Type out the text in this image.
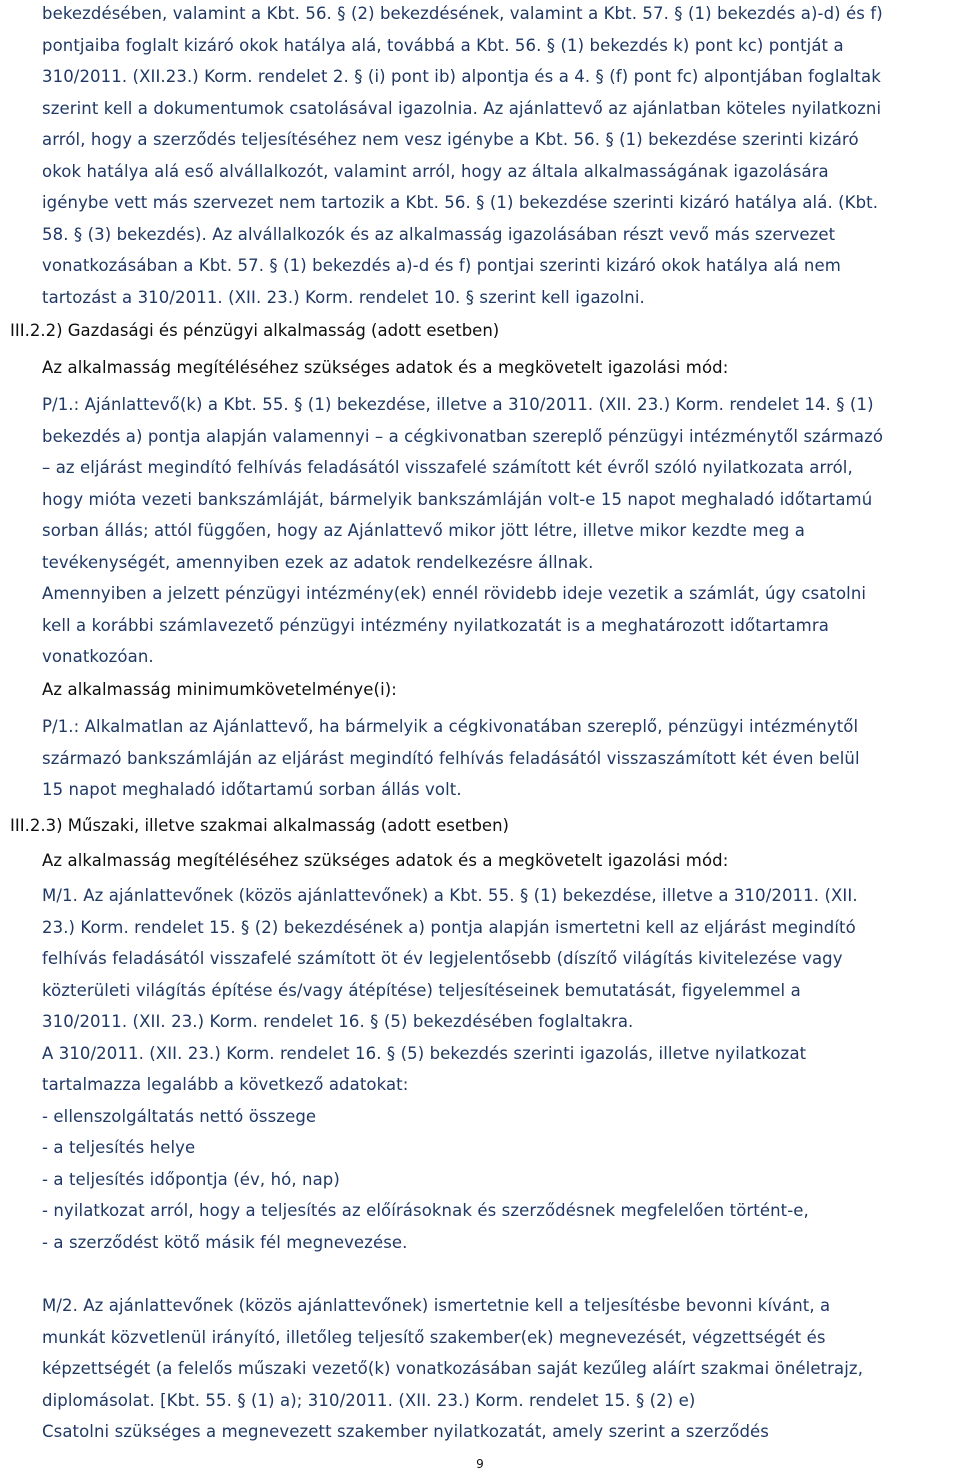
bekezdésében, valamint a Kbt. 56. § (2) bekezdésének, valamint a Kbt. 57. § (1) bekezdés a)-d) és f)
pontjaiba foglalt kizáró okok hatálya alá, továbbá a Kbt. 56. § (1) bekezdés k) pont kc) pontját a
310/2011. (XII.23.) Korm. rendelet 2. § (i) pont ib) alpontja és a 4. § (f) pont fc) alpontjában foglaltak
szerint kell a dokumentumok csatolásával igazolnia. Az ajánlattevő az ajánlatban köteles nyilatkozni
arról, hogy a szerződés teljesítéséhez nem vesz igénybe a Kbt. 56. § (1) bekezdése szerinti kizáró
okok hatálya alá eső alvállalkozót, valamint arról, hogy az általa alkalmasságának igazolására
igénybe vett más szervezet nem tartozik a Kbt. 56. § (1) bekezdése szerinti kizáró hatálya alá. (Kbt.
58. § (3) bekezdés). Az alvállalkozók és az alkalmasság igazolásában részt vevő más szervezet
vonatkozásában a Kbt. 57. § (1) bekezdés a)-d és f) pontjai szerinti kizáró okok hatálya alá nem
tartozást a 310/2011. (XII. 23.) Korm. rendelet 10. § szerint kell igazolni.
III.2.2) Gazdasági és pénzügyi alkalmasság (adott esetben)
Az alkalmasság megítéléséhez szükséges adatok és a megkövetelt igazolási mód:
P/1.: Ajánlattevő(k) a Kbt. 55. § (1) bekezdése, illetve a 310/2011. (XII. 23.) Korm. rendelet 14. § (1)
bekezdés a) pontja alapján valamennyi – a cégkivonatban szereplő pénzügyi intézménytől származó
– az eljárást megindító felhívás feladásától visszafelé számított két évről szóló nyilatkozata arról,
hogy mióta vezeti bankszámláját, bármelyik bankszámláján volt-e 15 napot meghaladó időtartamú
sorban állás; attól függően, hogy az Ajánlattevő mikor jött létre, illetve mikor kezdte meg a
tevékenységét, amennyiben ezek az adatok rendelkezésre állnak.
Amennyiben a jelzett pénzügyi intézmény(ek) ennél rövidebb ideje vezetik a számlát, úgy csatolni
kell a korábbi számlavezető pénzügyi intézmény nyilatkozatát is a meghatározott időtartamra
vonatkozóan.
Az alkalmasság minimumkövetelménye(i):
P/1.: Alkalmatlan az Ajánlattevő, ha bármelyik a cégkivonatában szereplő, pénzügyi intézménytől
származó bankszámláján az eljárást megindító felhívás feladásától visszaszámított két éven belül
15 napot meghaladó időtartamú sorban állás volt.
III.2.3) Műszaki, illetve szakmai alkalmasság (adott esetben)
Az alkalmasság megítéléséhez szükséges adatok és a megkövetelt igazolási mód:
M/1. Az ajánlattevőnek (közös ajánlattevőnek) a Kbt. 55. § (1) bekezdése, illetve a 310/2011. (XII.
23.) Korm. rendelet 15. § (2) bekezdésének a) pontja alapján ismertetni kell az eljárást megindító
felhívás feladásától visszafelé számított öt év legjelentősebb (díszítő világítás kivitelezése vagy
közterületi világítás építése és/vagy átépítése) teljesítéseinek bemutatását, figyelemmel a
310/2011. (XII. 23.) Korm. rendelet 16. § (5) bekezdésében foglaltakra.
A 310/2011. (XII. 23.) Korm. rendelet 16. § (5) bekezdés szerinti igazolás, illetve nyilatkozat
tartalmazza legalább a következő adatokat:
- ellenszolgáltatás nettó összege
- a teljesítés helye
- a teljesítés időpontja (év, hó, nap)
- nyilatkozat arról, hogy a teljesítés az előírásoknak és szerződésnek megfelelően történt-e,
- a szerződést kötő másik fél megnevezése.
M/2. Az ajánlattevőnek (közös ajánlattevőnek) ismertetnie kell a teljesítésbe bevonni kívánt, a
munkát közvetlenül irányító, illetőleg teljesítő szakember(ek) megnevezését, végzettségét és
képzettségét (a felelős műszaki vezető(k) vonatkozásában saját kezűleg aláírt szakmai önéletrajz,
diplomásolat. [Kbt. 55. § (1) a); 310/2011. (XII. 23.) Korm. rendelet 15. § (2) e)
Csatolni szükséges a megnevezett szakember nyilatkozatát, amely szerint a szerződés
9
